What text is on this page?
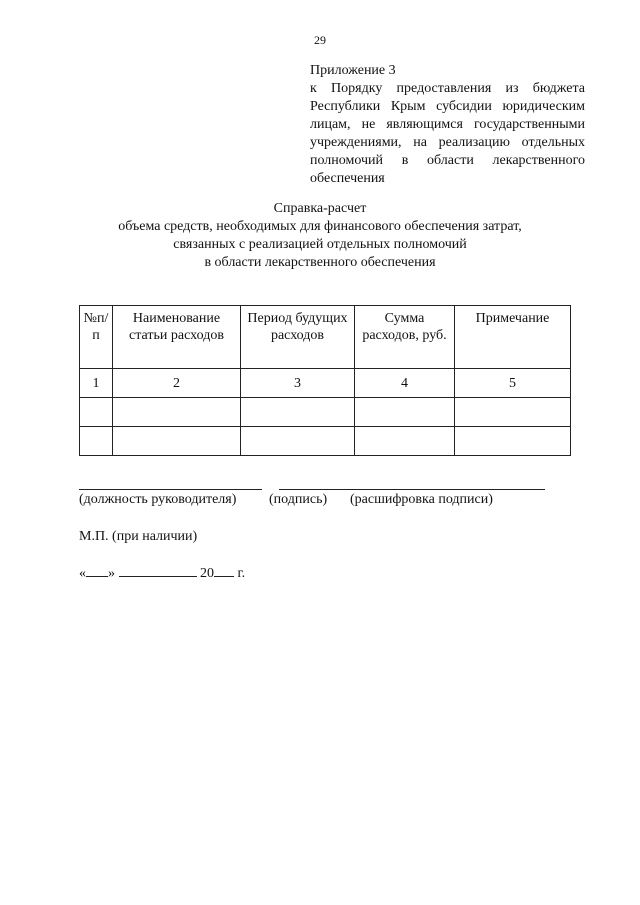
29
Приложение 3
к Порядку предоставления из бюджета
Республики Крым субсидии юридическим
лицам, не являющимся государственными
учреждениями, на реализацию отдельных
полномочий в области лекарственного
обеспечения
Справка-расчет
объема средств, необходимых для финансового обеспечения затрат,
связанных с реализацией отдельных полномочий
в области лекарственного обеспечения
№п/п	Наименование статьи расходов	Период будущих расходов	Сумма расходов, руб.	Примечание
1	2	3	4	5

(должность руководителя) (подпись) (расшифровка подписи)
М.П. (при наличии)
« »	20 г.
